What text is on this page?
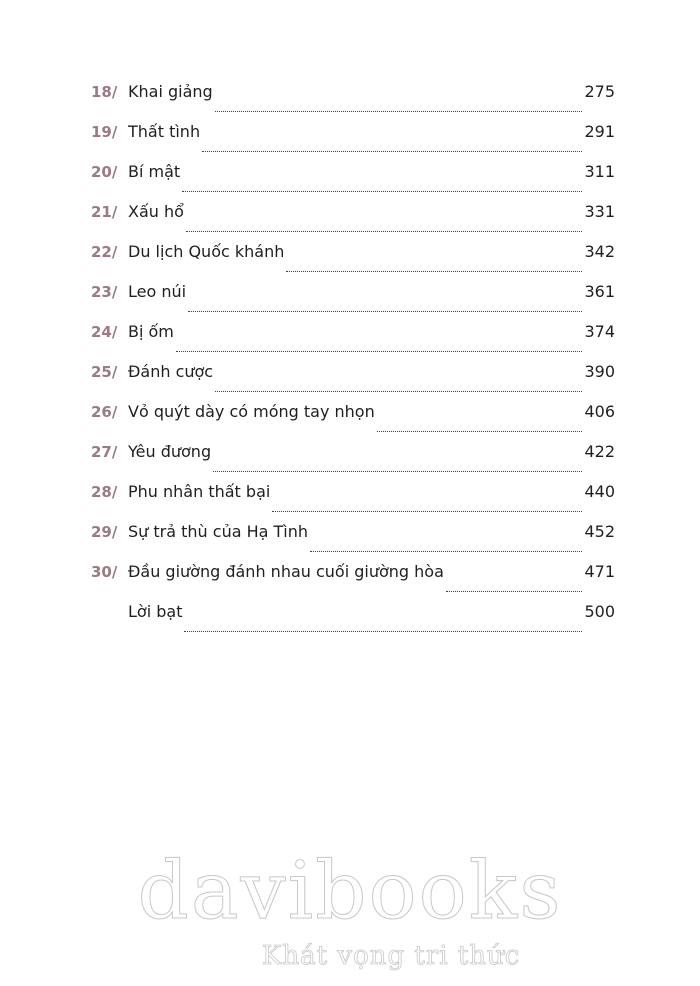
18/ Khai giảng	275
19/ Thất tình	291
20/ Bí mật	311
21/ Xấu hổ	331
22/ Du lịch Quốc khánh	342
23/ Leo núi	361
24/ Bị ốm	374
25/ Đánh cược	390
26/ Vỏ quýt dày có móng tay nhọn	406
27/ Yêu đương	422
28/ Phu nhân thất bại	440
29/ Sự trả thù của Hạ Tình	452
30/ Đầu giường đánh nhau cuối giường hòa	471
Lời bạt	500
davibooks
Khát vọng tri thức
